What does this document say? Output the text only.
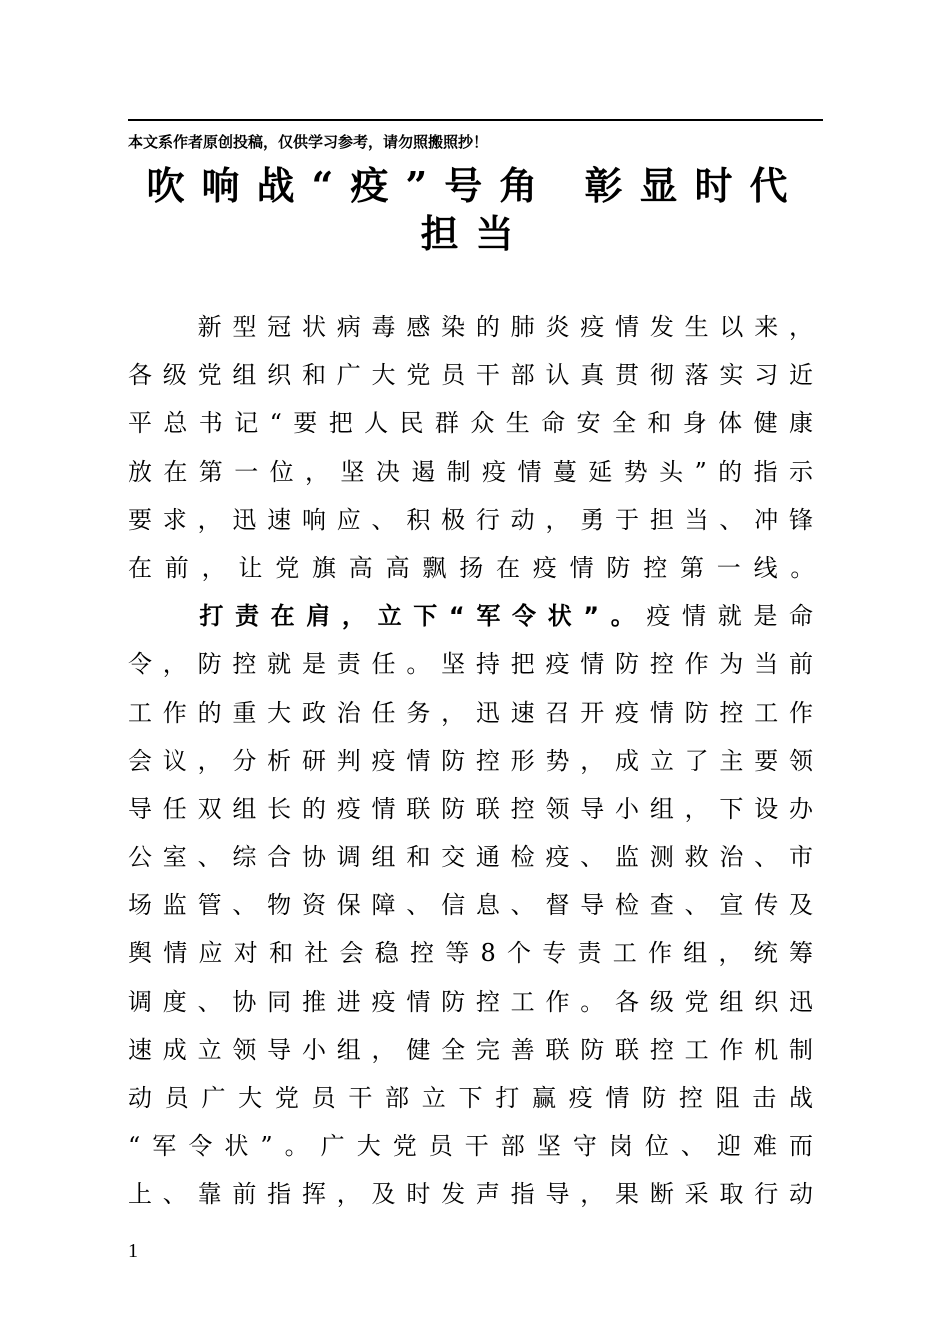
本文系作者原创投稿，仅供学习参考，请勿照搬照抄！
吹响战“疫”号角 彰显时代
担当
　　新型冠状病毒感染的肺炎疫情发生以来，
各级党组织和广大党员干部认真贯彻落实习近
平总书记“要把人民群众生命安全和身体健康
放在第一位，坚决遏制疫情蔓延势头”的指示
要求，迅速响应、积极行动，勇于担当、冲锋
在前，让党旗高高飘扬在疫情防控第一线。
　　打责在肩，立下“军令状”。疫情就是命
令，防控就是责任。坚持把疫情防控作为当前
工作的重大政治任务，迅速召开疫情防控工作
会议，分析研判疫情防控形势，成立了主要领
导任双组长的疫情联防联控领导小组，下设办
公室、综合协调组和交通检疫、监测救治、市
场监管、物资保障、信息、督导检查、宣传及
舆情应对和社会稳控等8个专责工作组，统筹
调度、协同推进疫情防控工作。各级党组织迅
速成立领导小组，健全完善联防联控工作机制
动员广大党员干部立下打赢疫情防控阻击战
“军令状”。广大党员干部坚守岗位、迎难而
上、靠前指挥，及时发声指导，果断采取行动
1
